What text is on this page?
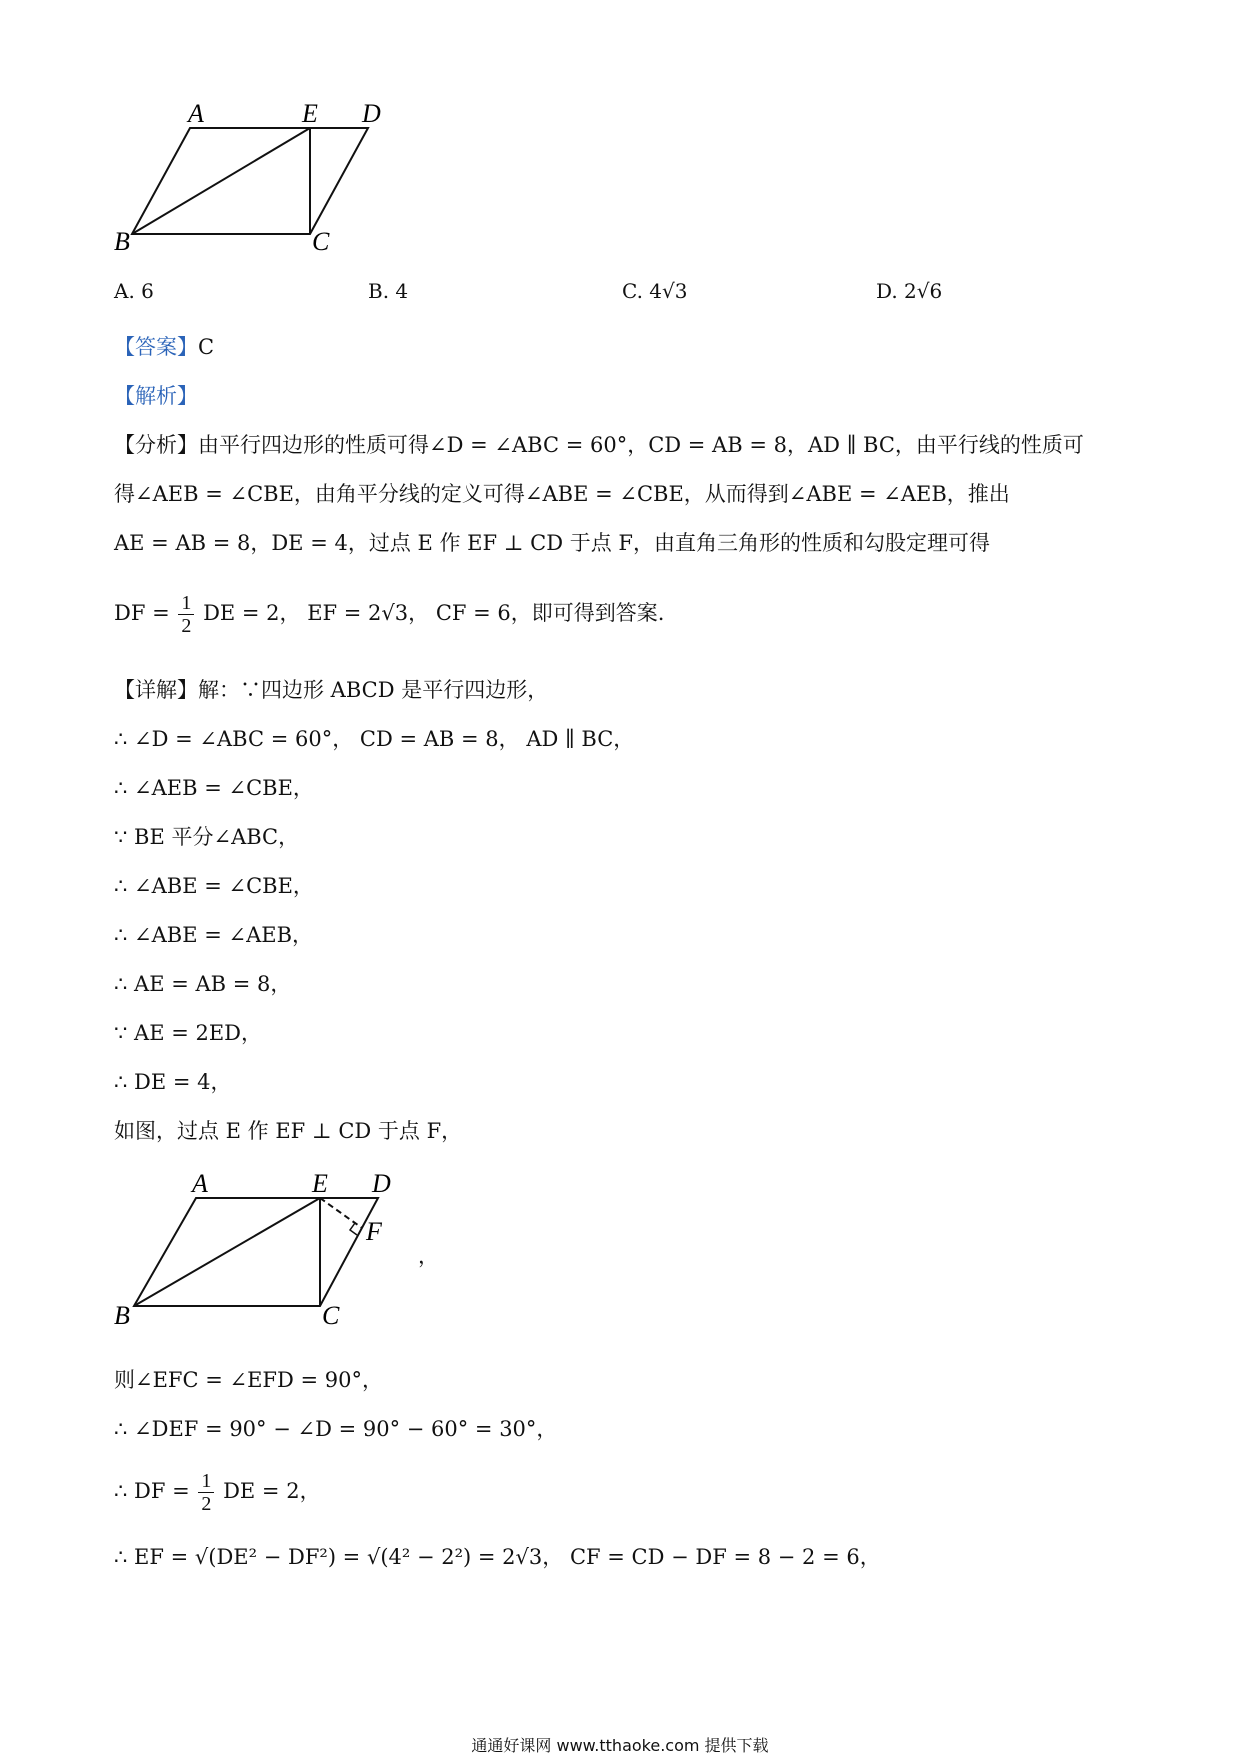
A	E D
B	C
A. 6	B. 4	C. 4√3	D. 2√6
【答案】C
【解析】
【分析】由平行四边形的性质可得∠D = ∠ABC = 60°，CD = AB = 8，AD ∥ BC，由平行线的性质可
得∠AEB = ∠CBE，由角平分线的定义可得∠ABE = ∠CBE，从而得到∠ABE = ∠AEB，推出
AE = AB = 8，DE = 4，过点 E 作 EF ⊥ CD 于点 F，由直角三角形的性质和勾股定理可得
DF = $\frac{1}{2}$ DE = 2， EF = 2√3， CF = 6，即可得到答案.
【详解】解：∵四边形 ABCD 是平行四边形，
∴ ∠D = ∠ABC = 60°， CD = AB = 8， AD ∥ BC，
∴ ∠AEB = ∠CBE，
∵ BE 平分∠ABC，
∴ ∠ABE = ∠CBE，
∴ ∠ABE = ∠AEB，
∴ AE = AB = 8，
∵ AE = 2ED，
∴ DE = 4，
如图，过点 E 作 EF ⊥ CD 于点 F，
A	E D
F
B	C
，
则∠EFC = ∠EFD = 90°，
∴ ∠DEF = 90° − ∠D = 90° − 60° = 30°，
∴ DF = $\frac{1}{2}$ DE = 2，
∴ EF = √(DE² − DF²) = √(4² − 2²) = 2√3， CF = CD − DF = 8 − 2 = 6，
通通好课网 www.tthaoke.com 提供下载
